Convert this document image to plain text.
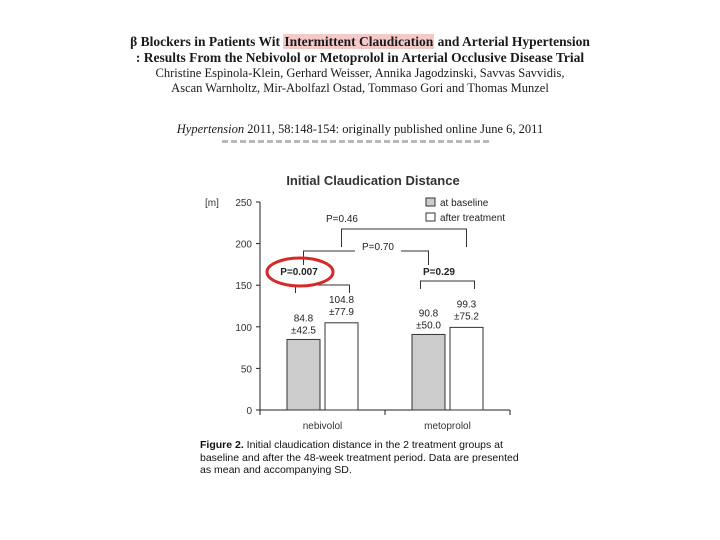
β Blockers in Patients Wit Intermittent Claudication and Arterial Hypertension
: Results From the Nebivolol or Metoprolol in Arterial Occlusive Disease Trial
Christine Espinola-Klein, Gerhard Weisser, Annika Jagodzinski, Savvas Savvidis,
Ascan Warnholtz, Mir-Abolfazl Ostad, Tommaso Gori and Thomas Munzel
Hypertension 2011, 58:148-154: originally published online June 6, 2011
Initial Claudication Distance
[m]
0
50
100
150
200
250
84.8
±42.5
104.8
±77.9
nebivolol
90.8
±50.0
99.3
±75.2
metoprolol
P=0.46
P=0.70
P=0.007	P=0.29
at baseline
after treatment
Figure 2. Initial claudication distance in the 2 treatment groups at baseline and after the 48-week treatment period. Data are presented as mean and accompanying SD.
